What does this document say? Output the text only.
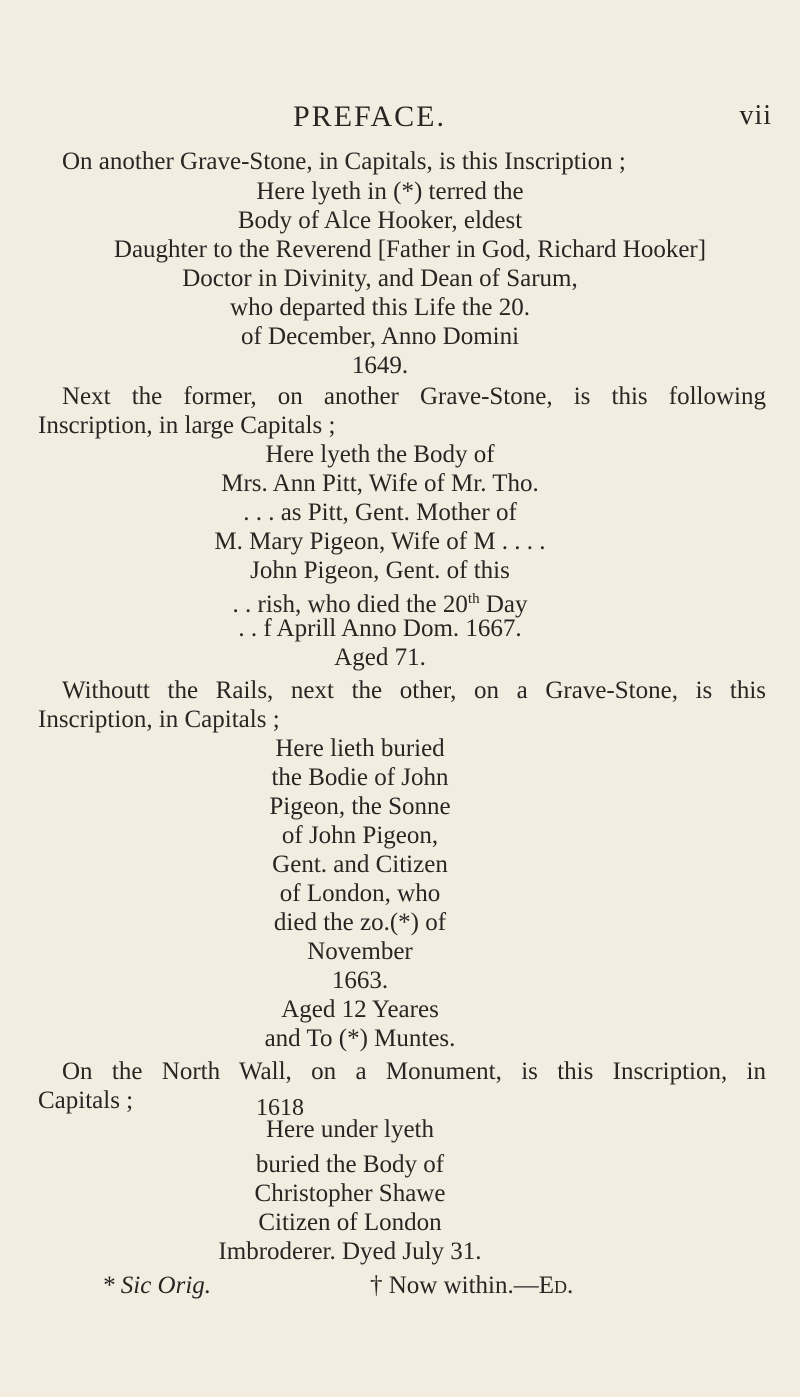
PREFACE.	vii
On another Grave-Stone, in Capitals, is this Inscription ;
Here lyeth in (*) terred the
Body of Alce Hooker, eldest
Daughter to the Reverend [Father in God, Richard Hooker]
Doctor in Divinity, and Dean of Sarum,
who departed this Life the 20.
of December, Anno Domini
1649.
Next the former, on another Grave-Stone, is this following
Inscription, in large Capitals ;
Here lyeth the Body of
Mrs. Ann Pitt, Wife of Mr. Tho.
. . . as Pitt, Gent. Mother of
M. Mary Pigeon, Wife of M . . . .
John Pigeon, Gent. of this
. . rish, who died the 20th Day
. . f Aprill Anno Dom. 1667.
Aged 71.
Withoutt the Rails, next the other, on a Grave-Stone, is this
Inscription, in Capitals ;
Here lieth buried
the Bodie of John
Pigeon, the Sonne
of John Pigeon,
Gent. and Citizen
of London, who
died the zo.(*) of
November
1663.
Aged 12 Yeares
and To (*) Muntes.
On the North Wall, on a Monument, is this Inscription, in
Capitals ;	1618
Here under lyeth
buried the Body of
Christopher Shawe
Citizen of London
Imbroderer. Dyed July 31.
* Sic Orig.	† Now within.—Ed.
